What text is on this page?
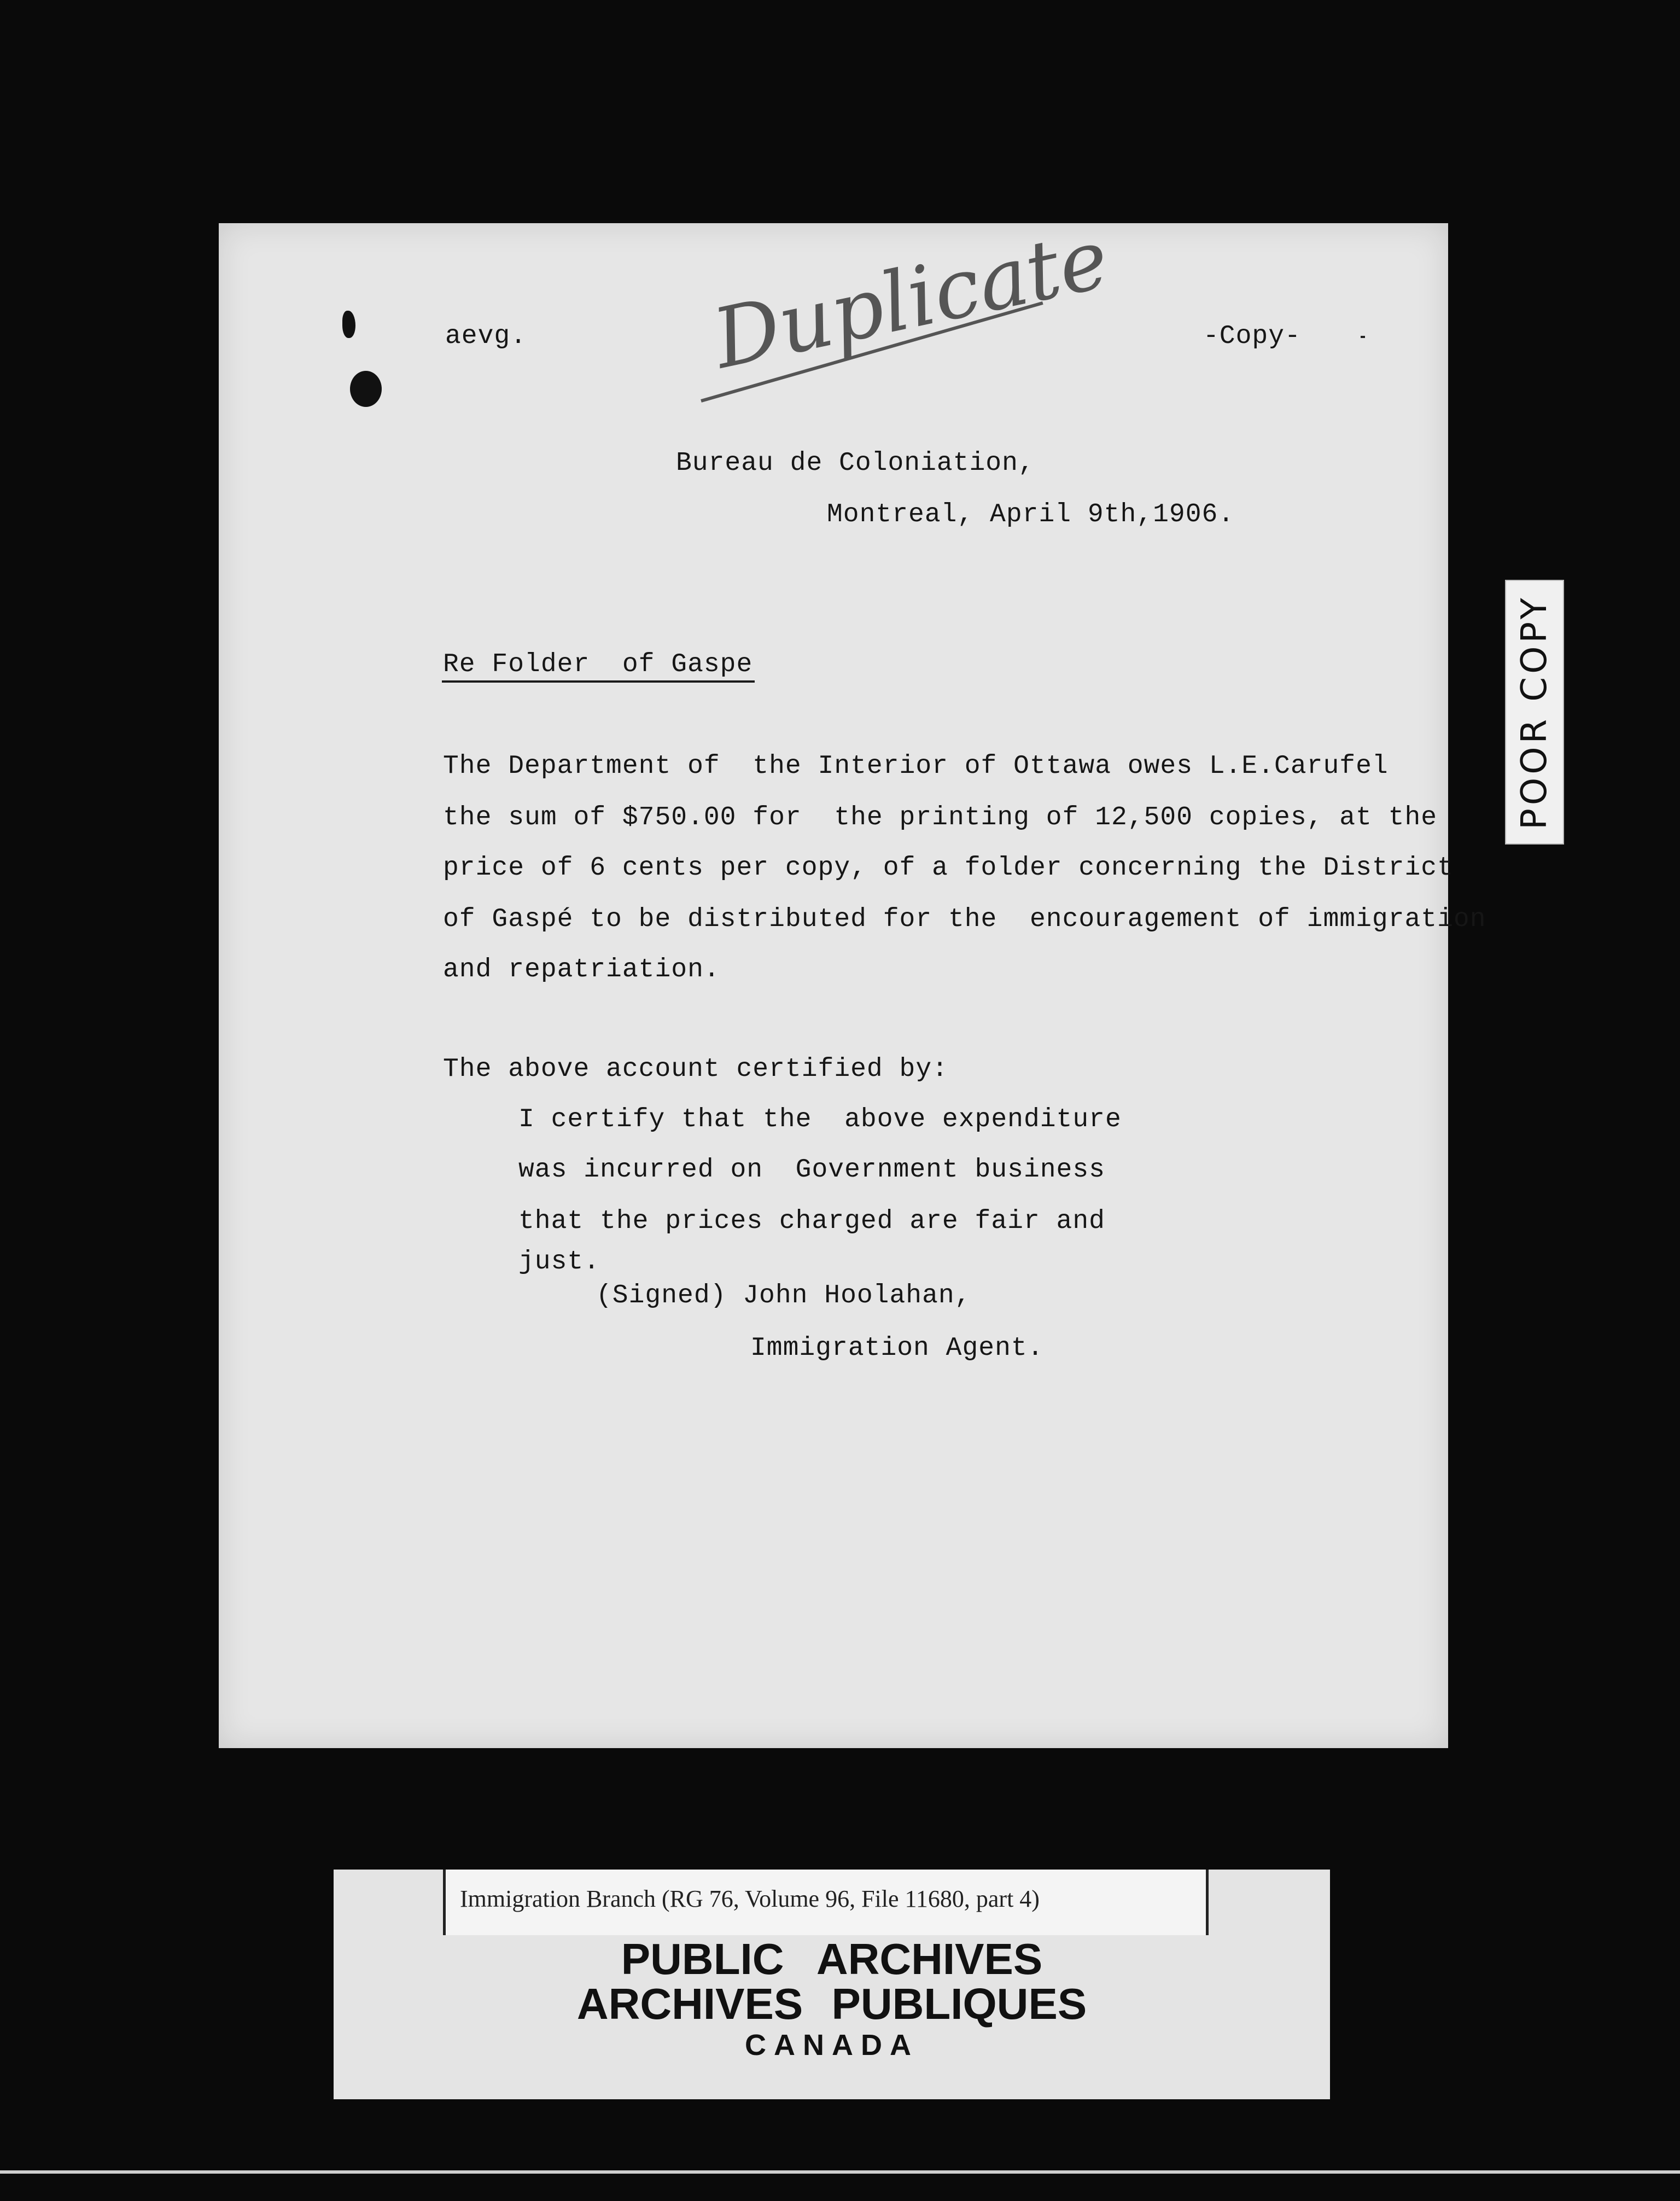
aevg. Duplicate	-Copy-
Bureau de Coloniation,
Montreal, April 9th,1906.
Re Folder  of Gaspe
The Department of  the Interior of Ottawa owes L.E.Carufel
the sum of $750.00 for  the printing of 12,500 copies, at the
price of 6 cents per copy, of a folder concerning the District
of Gaspé to be distributed for the  encouragement of immigration
and repatriation.
The above account certified by:
I certify that the  above expenditure
was incurred on  Government business
that the prices charged are fair and
just.
(Signed) John Hoolahan,
Immigration Agent.
POOR COPY
Immigration Branch (RG 76, Volume 96, File 11680, part 4)
PUBLIC ARCHIVES
ARCHIVES PUBLIQUES
CANADA
